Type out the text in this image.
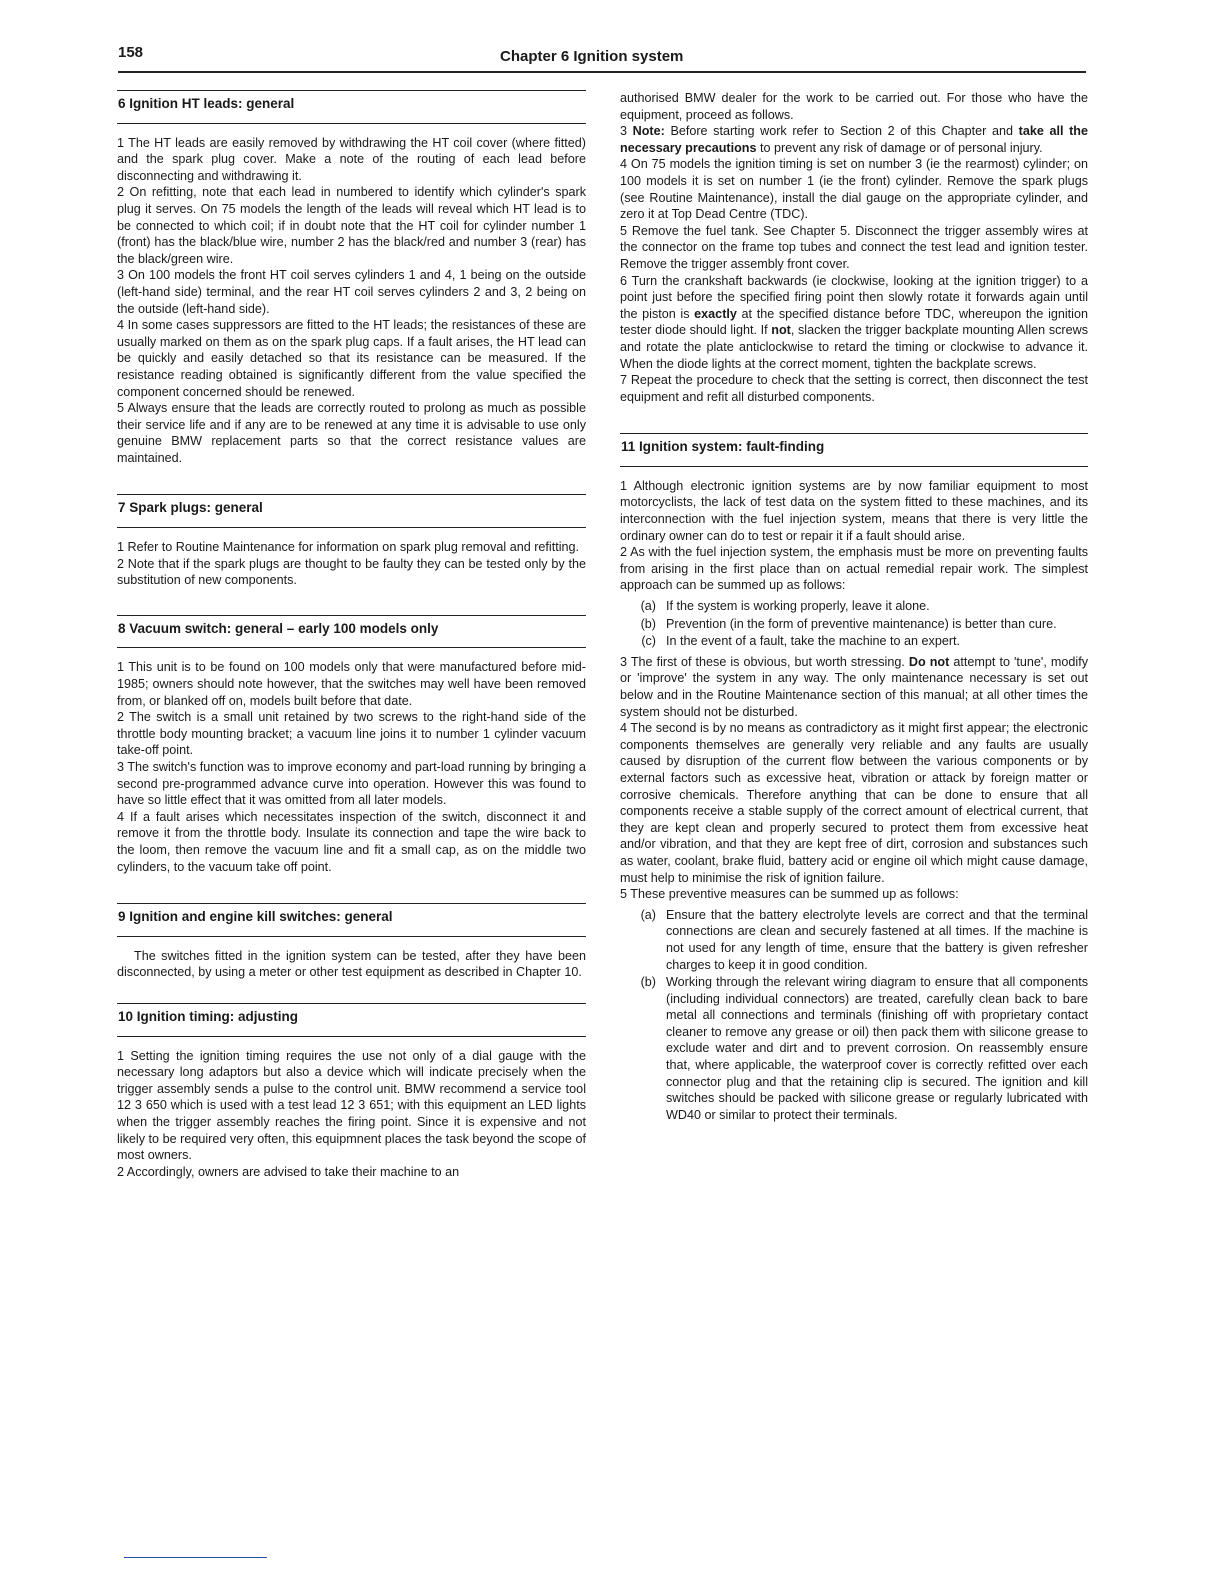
158	Chapter 6 Ignition system
6 Ignition HT leads: general

1 The HT leads are easily removed by withdrawing the HT coil cover (where fitted) and the spark plug cover. Make a note of the routing of each lead before disconnecting and withdrawing it.

2 On refitting, note that each lead in numbered to identify which cylinder's spark plug it serves. On 75 models the length of the leads will reveal which HT lead is to be connected to which coil; if in doubt note that the HT coil for cylinder number 1 (front) has the black/blue wire, number 2 has the black/red and number 3 (rear) has the black/green wire.

3 On 100 models the front HT coil serves cylinders 1 and 4, 1 being on the outside (left-hand side) terminal, and the rear HT coil serves cylinders 2 and 3, 2 being on the outside (left-hand side).

4 In some cases suppressors are fitted to the HT leads; the resistances of these are usually marked on them as on the spark plug caps. If a fault arises, the HT lead can be quickly and easily detached so that its resistance can be measured. If the resistance reading obtained is significantly different from the value specified the component concerned should be renewed.

5 Always ensure that the leads are correctly routed to prolong as much as possible their service life and if any are to be renewed at any time it is advisable to use only genuine BMW replacement parts so that the correct resistance values are maintained.

7 Spark plugs: general

1 Refer to Routine Maintenance for information on spark plug removal and refitting.

2 Note that if the spark plugs are thought to be faulty they can be tested only by the substitution of new components.

8 Vacuum switch: general – early 100 models only

1 This unit is to be found on 100 models only that were manufactured before mid-1985; owners should note however, that the switches may well have been removed from, or blanked off on, models built before that date.

2 The switch is a small unit retained by two screws to the right-hand side of the throttle body mounting bracket; a vacuum line joins it to number 1 cylinder vacuum take-off point.

3 The switch's function was to improve economy and part-load running by bringing a second pre-programmed advance curve into operation. However this was found to have so little effect that it was omitted from all later models.

4 If a fault arises which necessitates inspection of the switch, disconnect it and remove it from the throttle body. Insulate its connection and tape the wire back to the loom, then remove the vacuum line and fit a small cap, as on the middle two cylinders, to the vacuum take off point.

9 Ignition and engine kill switches: general

The switches fitted in the ignition system can be tested, after they have been disconnected, by using a meter or other test equipment as described in Chapter 10.

10 Ignition timing: adjusting

1 Setting the ignition timing requires the use not only of a dial gauge with the necessary long adaptors but also a device which will indicate precisely when the trigger assembly sends a pulse to the control unit. BMW recommend a service tool 12 3 650 which is used with a test lead 12 3 651; with this equipment an LED lights when the trigger assembly reaches the firing point. Since it is expensive and not likely to be required very often, this equipmnent places the task beyond the scope of most owners.

2 Accordingly, owners are advised to take their machine to an

authorised BMW dealer for the work to be carried out. For those who have the equipment, proceed as follows.

3 Note: Before starting work refer to Section 2 of this Chapter and take all the necessary precautions to prevent any risk of damage or of personal injury.

4 On 75 models the ignition timing is set on number 3 (ie the rearmost) cylinder; on 100 models it is set on number 1 (ie the front) cylinder. Remove the spark plugs (see Routine Maintenance), install the dial gauge on the appropriate cylinder, and zero it at Top Dead Centre (TDC).

5 Remove the fuel tank. See Chapter 5. Disconnect the trigger assembly wires at the connector on the frame top tubes and connect the test lead and ignition tester. Remove the trigger assembly front cover.

6 Turn the crankshaft backwards (ie clockwise, looking at the ignition trigger) to a point just before the specified firing point then slowly rotate it forwards again until the piston is exactly at the specified distance before TDC, whereupon the ignition tester diode should light. If not, slacken the trigger backplate mounting Allen screws and rotate the plate anticlockwise to retard the timing or clockwise to advance it. When the diode lights at the correct moment, tighten the backplate screws.

7 Repeat the procedure to check that the setting is correct, then disconnect the test equipment and refit all disturbed components.

11 Ignition system: fault-finding

1 Although electronic ignition systems are by now familiar equipment to most motorcyclists, the lack of test data on the system fitted to these machines, and its interconnection with the fuel injection system, means that there is very little the ordinary owner can do to test or repair it if a fault should arise.

2 As with the fuel injection system, the emphasis must be more on preventing faults from arising in the first place than on actual remedial repair work. The simplest approach can be summed up as follows:

(a) If the system is working properly, leave it alone.
(b) Prevention (in the form of preventive maintenance) is better than cure.
(c) In the event of a fault, take the machine to an expert.

3 The first of these is obvious, but worth stressing. Do not attempt to 'tune', modify or 'improve' the system in any way. The only maintenance necessary is set out below and in the Routine Maintenance section of this manual; at all other times the system should not be disturbed.

4 The second is by no means as contradictory as it might first appear; the electronic components themselves are generally very reliable and any faults are usually caused by disruption of the current flow between the various components or by external factors such as excessive heat, vibration or attack by foreign matter or corrosive chemicals. Therefore anything that can be done to ensure that all components receive a stable supply of the correct amount of electrical current, that they are kept clean and properly secured to protect them from excessive heat and/or vibration, and that they are kept free of dirt, corrosion and substances such as water, coolant, brake fluid, battery acid or engine oil which might cause damage, must help to minimise the risk of ignition failure.

5 These preventive measures can be summed up as follows:

(a) Ensure that the battery electrolyte levels are correct and that the terminal connections are clean and securely fastened at all times. If the machine is not used for any length of time, ensure that the battery is given refresher charges to keep it in good condition.
(b) Working through the relevant wiring diagram to ensure that all components (including individual connectors) are treated, carefully clean back to bare metal all connections and terminals (finishing off with proprietary contact cleaner to remove any grease or oil) then pack them with silicone grease to exclude water and dirt and to prevent corrosion. On reassembly ensure that, where applicable, the waterproof cover is correctly refitted over each connector plug and that the retaining clip is secured. The ignition and kill switches should be packed with silicone grease or regularly lubricated with WD40 or similar to protect their terminals.
